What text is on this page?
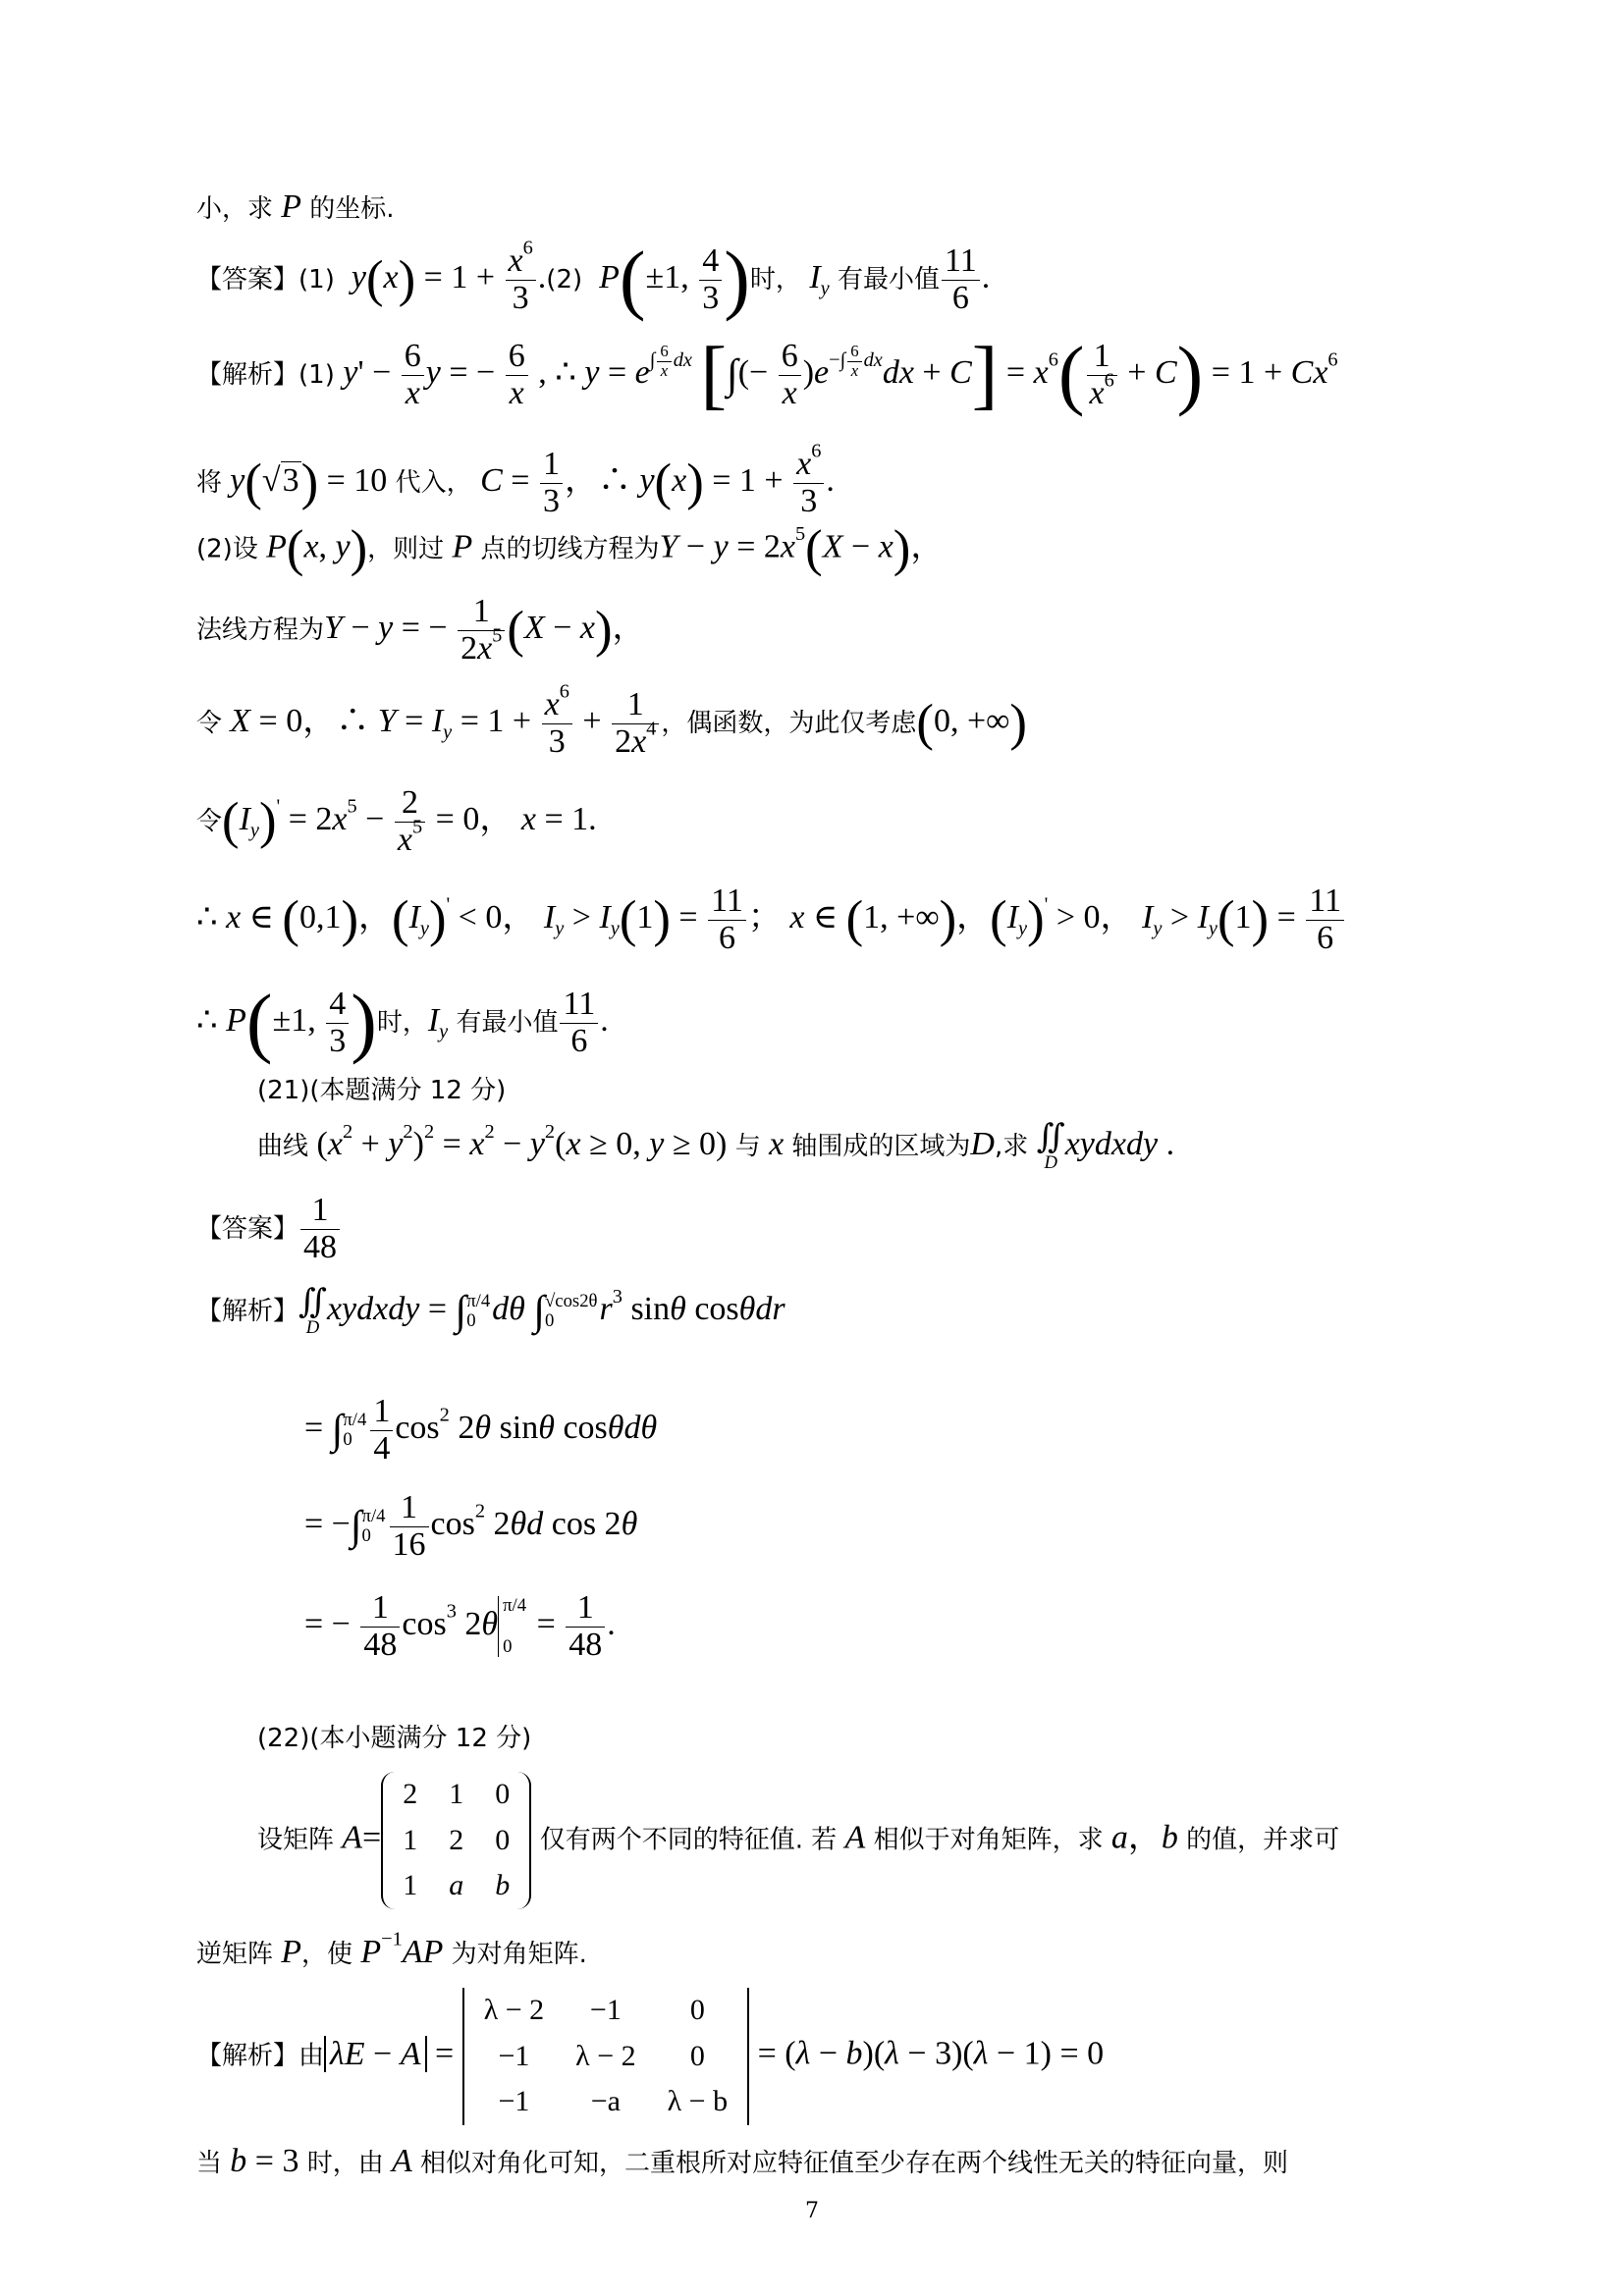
小，求 P 的坐标.
【答案】(1) $y(x) = 1 + \frac{x^6}{3} .(2)$ P(±1, $\frac{4}{3}$ )时， $I_y$ 有最小值 $\frac{11}{6}$ .
【解析】(1) $y' - \frac{6}{x}$ y = − $\frac{6}{x}$ , ∴ $y = e^{\int \frac{6}{x} dx}$ [∫(− $\frac{6}{x} )e^{-\int \frac{6}{x} dx}dx + C] = x^6( \frac{1}{x^6} + C) = 1 + Cx^6$
将 y(√3) = 10 代入， $C = \frac{1}{3}$ ，∴ $y(x) = 1 + \frac{x^6}{3}$ .
(2)设 P(x, y)，则过 P 点的切线方程为$Y - y = 2x^5(X - x)$，
法线方程为Y − y = − $\frac{1}{2x^5} (X - x)$，
令 X = 0，∴ $Y = I_y = 1 + \frac{x^6}{3} + \frac{1}{2x^4}$ ，偶函数，为此仅考虑(0, +∞)
令$(I_y)' = 2x^5 - \frac{2}{x^5} = 0$， x = 1.
∴ x ∈ (0,1)，$(I_y)' < 0$， $I_y > I_y(1) = \frac{11}{6}$ ； x ∈ (1, +∞)，$(I_y)' > 0$， $I_y > I_y(1) = \frac{11}{6}$
∴ P(±1, $\frac{4}{3}$ )时，$I_y$ 有最小值 $\frac{11}{6}$ .
(21)(本题满分 12 分)
曲线 $(x^2 + y^2)^2 = x^2 - y^2(x \ge 0$, y ≥ 0) 与 x 轴围成的区域为D,求 ∬
D
xydxdy .
【答案】 $\frac{1}{48}$
【解析】 ∬
D
xydxdy = ∫ π/4
0 dθ ∫ √cos2θ
0	$r^3$ sinθ cosθdr
= ∫ π/4
$0 \frac{1}{4} \cos^2 2\theta$ sinθ cosθdθ
= −∫ π/4
$0 \frac{1}{16} \cos^2 2\theta d$ cos 2θ
= − $\frac{1}{48} \cos^3 2\theta$
π/4

0
= $\frac{1}{48}$ .
(22)(本小题满分 12 分)
设矩阵 A=2	1	0
1	2	0
1	a	b 仅有两个不同的特征值. 若 A 相似于对角矩阵，求 a，b 的值，并求可
逆矩阵 P，使 $P^{-1}AP$ 为对角矩阵.
【解析】由 λE − A = λ − 2	−1	0
−1	λ − 2	0
−1	−a	λ − b = (λ − b)(λ − 3)(λ − 1) = 0
当 b = 3 时，由 A 相似对角化可知，二重根所对应特征值至少存在两个线性无关的特征向量，则
7
